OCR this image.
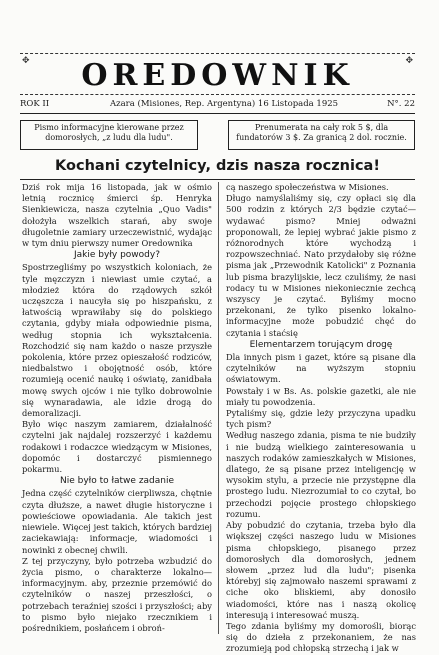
✥	✥
OREDOWNIK
ROK II	Azara (Misiones, Rep. Argentyna) 16 Listopada 1925	N°. 22
Pismo informacyjne kierowane przez domorosłych, „z ludu dla ludu".
Prenumerata na cały rok 5 $, dla fundatorów 3 $. Za granicą 2 dol. rocznie.
Kochani czytelnicy, dzis nasza rocznica!

Dziś rok mija 16 listopada, jak w ośmio letnią rocznicę śmierci śp. Henryka Sienkiewicza, nasza czytelnia „Quo Vadis" dołożyła wszelkich starań, aby swoje długoletnie zamiary urzeczewistnić, wydając w tym dniu pierwszy numer Oredownika

Jakie były powody?

Spostrzegliśmy po wszystkich koloniach, że tyle męzczyzn i niewiast umie czytać, a młodzież która do rządowych szkół uczęszcza i naucyła się po hiszpańsku, z łatwością wprawiłaby się do polskiego czytania, gdyby miała odpowiednie pisma, według stopnia ich wykształcenia. Rozchodzić się nam każdo o nasze przyszłe pokolenia, które przez opieszałość rodziców, niedbalstwo i obojętność osób, które rozumieją ocenić naukę i oświatę, zanidbała mowę swych ojców i nie tylko dobrowolnie się wynaradawia, ale idzie drogą do demoralizacji.

Było więc naszym zamiarem, działalność czytelni jak najdalej rozszerzyć i każdemu rodakowi i rodaczce wiedzącym w Misiones, dopomóc i dostarczyć pismiennego pokarmu.

Nie było to łatwe zadanie

Jedna część czytelników cierpliwsza, chętnie czyta dłuższe, a nawet długie historyczne i powieściowe opowiadania. Ale takich jest niewiele. Więcej jest takich, których bardziej zaciekawiają: informacje, wiadomości i nowinki z obecnej chwili.

Z tej przyczyny, było potrzeba wzbudzić do życia pismo, o charakterze lokalno—informacyjnym. aby, przeznie przemówić do czytelników o naszej przeszłości, o potrzebach teraźniej szości i przyszłości; aby to pismo było niejako rzecznikiem i pośrednikiem, posłańcem i obroń-

cą naszego społeczeństwa w Misiones.

Długo namyślaliśmy się, czy opłaci się dla 500 rodzin z których 2/3 będzie czytać—wydawać pismo? Mniej odważni proponowali, że lepiej wybrać jakie pismo z różnorodnych które wychodzą i rozpowszechniać. Nato przydałoby się różne pisma jak „Przewodnik Katolicki" z Poznania lub pisma brazylijskie, lecz czuliśmy, że nasi rodacy tu w Misiones niekoniecznie zechcą wszyscy je czytać. Byliśmy mocno przekonani, że tylko pisenko lokalno-informacyjne może pobudzić chęć do czytania i staćsię

Elementarzem torującym drogę

Dla innych pism i gazet, które są pisane dla czytelników na wyższym stopniu oświatowym.

Powstały i w Bs. As. polskie gazetki, ale nie miały tu powodzenia.

Pytaliśmy się, gdzie leży przyczyna upadku tych pism?

Według naszego zdania, pisma te nie budziły i nie budzą wielkiego zainteresowania u naszych rodaków zamieszkałych w Misiones, dlatego, że są pisane przez inteligencję w wysokim stylu, a przecie nie przystępne dla prostego ludu. Niezrozumiał to co czytał, bo przechodzi pojęcie prostego chłopskiego rozumu.

Aby pobudzić do czytania, trzeba było dla większej części naszego ludu w Misiones pisma chłopskiego, pisanego przez domorosłych dla domorosłych, jednem słowem „przez lud dla ludu"; pisenka którebyj się zajmowało naszemi sprawami z ciche oko bliskiemi, aby donosiło wiadomości, które nas i naszą okolicę interesują i interesować muszą.

Tego zdania byliśmy my domorośli, biorąc się do dzieła z przekonaniem, że nas zrozumieją pod chłopską strzechą i jak w
